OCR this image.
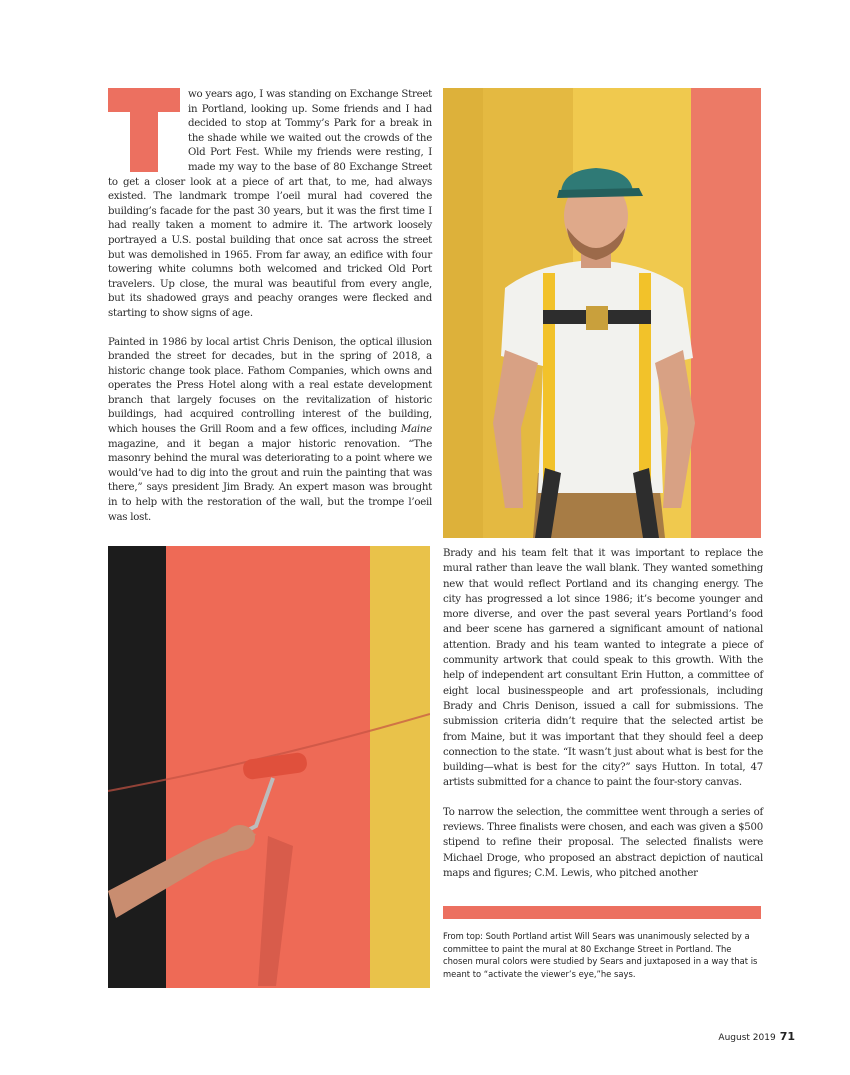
wo years ago, I was standing on Exchange Street in Portland, looking up. Some friends and I had decided to stop at Tommy’s Park for a break in the shade while we waited out the crowds of the Old Port Fest. While my friends were resting, I made my way to the base of 80 Exchange Street to get a closer look at a piece of art that, to me, had always existed. The landmark trompe l’oeil mural had covered the building’s facade for the past 30 years, but it was the first time I had really taken a moment to admire it. The artwork loosely portrayed a U.S. postal building that once sat across the street but was demolished in 1965. From far away, an edifice with four towering white columns both welcomed and tricked Old Port travelers. Up close, the mural was beautiful from every angle, but its shadowed grays and peachy oranges were flecked and starting to show signs of age.

Painted in 1986 by local artist Chris Denison, the optical illusion branded the street for decades, but in the spring of 2018, a historic change took place. Fathom Companies, which owns and operates the Press Hotel along with a real estate development branch that largely focuses on the revitalization of historic buildings, had acquired controlling interest of the building, which houses the Grill Room and a few offices, including Maine magazine, and it began a major historic renovation. “The masonry behind the mural was deteriorating to a point where we would’ve had to dig into the grout and ruin the painting that was there,” says president Jim Brady. An expert mason was brought in to help with the restoration of the wall, but the trompe l’oeil was lost.

Brady and his team felt that it was important to replace the mural rather than leave the wall blank. They wanted something new that would reflect Portland and its changing energy. The city has progressed a lot since 1986; it’s become younger and more diverse, and over the past several years Portland’s food and beer scene has garnered a significant amount of national attention. Brady and his team wanted to integrate a piece of community artwork that could speak to this growth. With the help of independent art consultant Erin Hutton, a committee of eight local businesspeople and art professionals, including Brady and Chris Denison, issued a call for submissions. The submission criteria didn’t require that the selected artist be from Maine, but it was important that they should feel a deep connection to the state. “It wasn’t just about what is best for the building—what is best for the city?” says Hutton. In total, 47 artists submitted for a chance to paint the four-story canvas.

To narrow the selection, the committee went through a series of reviews. Three finalists were chosen, and each was given a $500 stipend to refine their proposal. The selected finalists were Michael Droge, who proposed an abstract depiction of nautical maps and figures; C.M. Lewis, who pitched another

From top: South Portland artist Will Sears was unanimously selected by a committee to paint the mural at 80 Exchange Street in Portland. The chosen mural colors were studied by Sears and juxtaposed in a way that is meant to “activate the viewer’s eye,”he says.
August 2019 71
